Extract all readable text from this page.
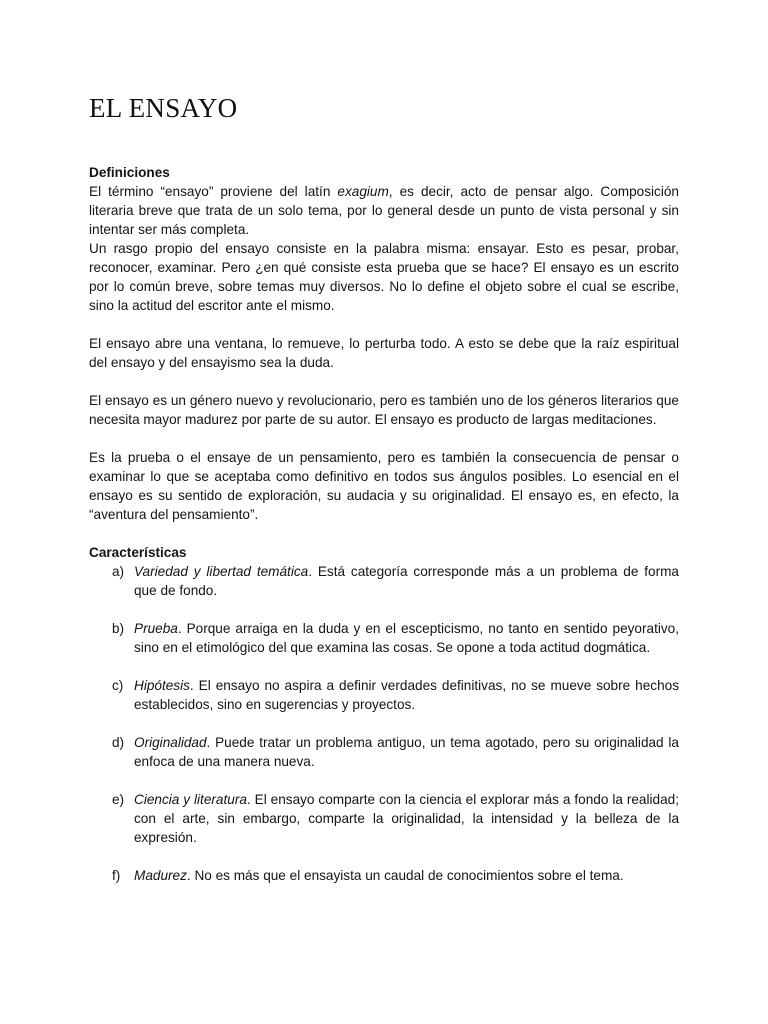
EL ENSAYO

Definiciones

El término “ensayo” proviene del latín exagium, es decir, acto de pensar algo. Composición literaria breve que trata de un solo tema, por lo general desde un punto de vista personal y sin intentar ser más completa.

Un rasgo propio del ensayo consiste en la palabra misma: ensayar. Esto es pesar, probar, reconocer, examinar. Pero ¿en qué consiste esta prueba que se hace? El ensayo es un escrito por lo común breve, sobre temas muy diversos. No lo define el objeto sobre el cual se escribe, sino la actitud del escritor ante el mismo.

El ensayo abre una ventana, lo remueve, lo perturba todo. A esto se debe que la raíz espiritual del ensayo y del ensayismo sea la duda.

El ensayo es un género nuevo y revolucionario, pero es también uno de los géneros literarios que necesita mayor madurez por parte de su autor. El ensayo es producto de largas meditaciones.

Es la prueba o el ensaye de un pensamiento, pero es también la consecuencia de pensar o examinar lo que se aceptaba como definitivo en todos sus ángulos posibles. Lo esencial en el ensayo es su sentido de exploración, su audacia y su originalidad. El ensayo es, en efecto, la “aventura del pensamiento”.

Características

a) Variedad y libertad temática. Está categoría corresponde más a un problema de forma que de fondo.
b) Prueba. Porque arraiga en la duda y en el escepticismo, no tanto en sentido peyorativo, sino en el etimológico del que examina las cosas. Se opone a toda actitud dogmática.
c) Hipótesis. El ensayo no aspira a definir verdades definitivas, no se mueve sobre hechos establecidos, sino en sugerencias y proyectos.
d) Originalidad. Puede tratar un problema antiguo, un tema agotado, pero su originalidad la enfoca de una manera nueva.
e) Ciencia y literatura. El ensayo comparte con la ciencia el explorar más a fondo la realidad; con el arte, sin embargo, comparte la originalidad, la intensidad y la belleza de la expresión.
f) Madurez. No es más que el ensayista un caudal de conocimientos sobre el tema.
